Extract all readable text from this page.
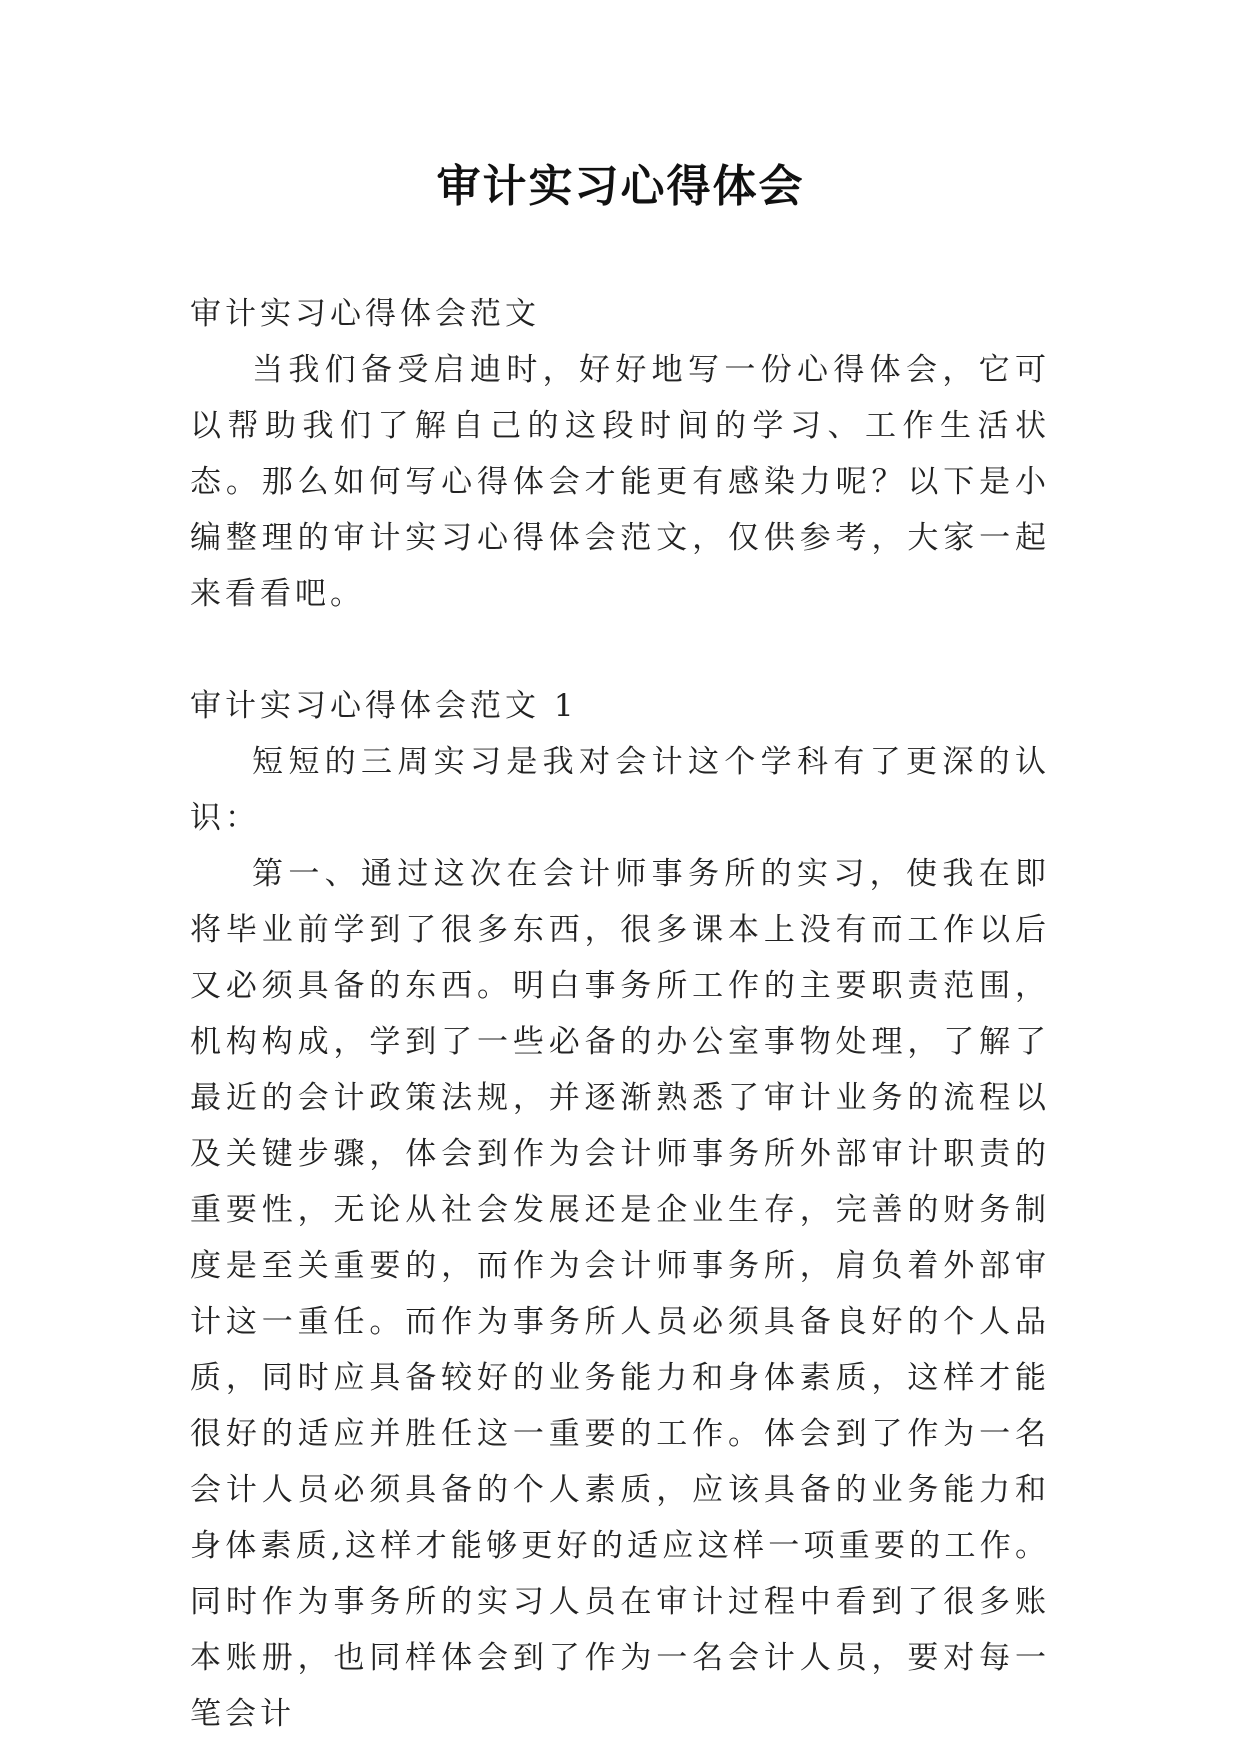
审计实习心得体会

审计实习心得体会范文

当我们备受启迪时，好好地写一份心得体会，它可以帮助我们了解自己的这段时间的学习、工作生活状态。那么如何写心得体会才能更有感染力呢？以下是小编整理的审计实习心得体会范文，仅供参考，大家一起来看看吧。

审计实习心得体会范文 1

短短的三周实习是我对会计这个学科有了更深的认识：

第一、通过这次在会计师事务所的实习，使我在即将毕业前学到了很多东西，很多课本上没有而工作以后又必须具备的东西。明白事务所工作的主要职责范围，机构构成，学到了一些必备的办公室事物处理，了解了最近的会计政策法规，并逐渐熟悉了审计业务的流程以及关键步骤，体会到作为会计师事务所外部审计职责的重要性，无论从社会发展还是企业生存，完善的财务制度是至关重要的，而作为会计师事务所，肩负着外部审计这一重任。而作为事务所人员必须具备良好的个人品质，同时应具备较好的业务能力和身体素质，这样才能很好的适应并胜任这一重要的工作。体会到了作为一名会计人员必须具备的个人素质，应该具备的业务能力和身体素质,这样才能够更好的适应这样一项重要的工作。同时作为事务所的实习人员在审计过程中看到了很多账本账册，也同样体会到了作为一名会计人员，要对每一笔会计
